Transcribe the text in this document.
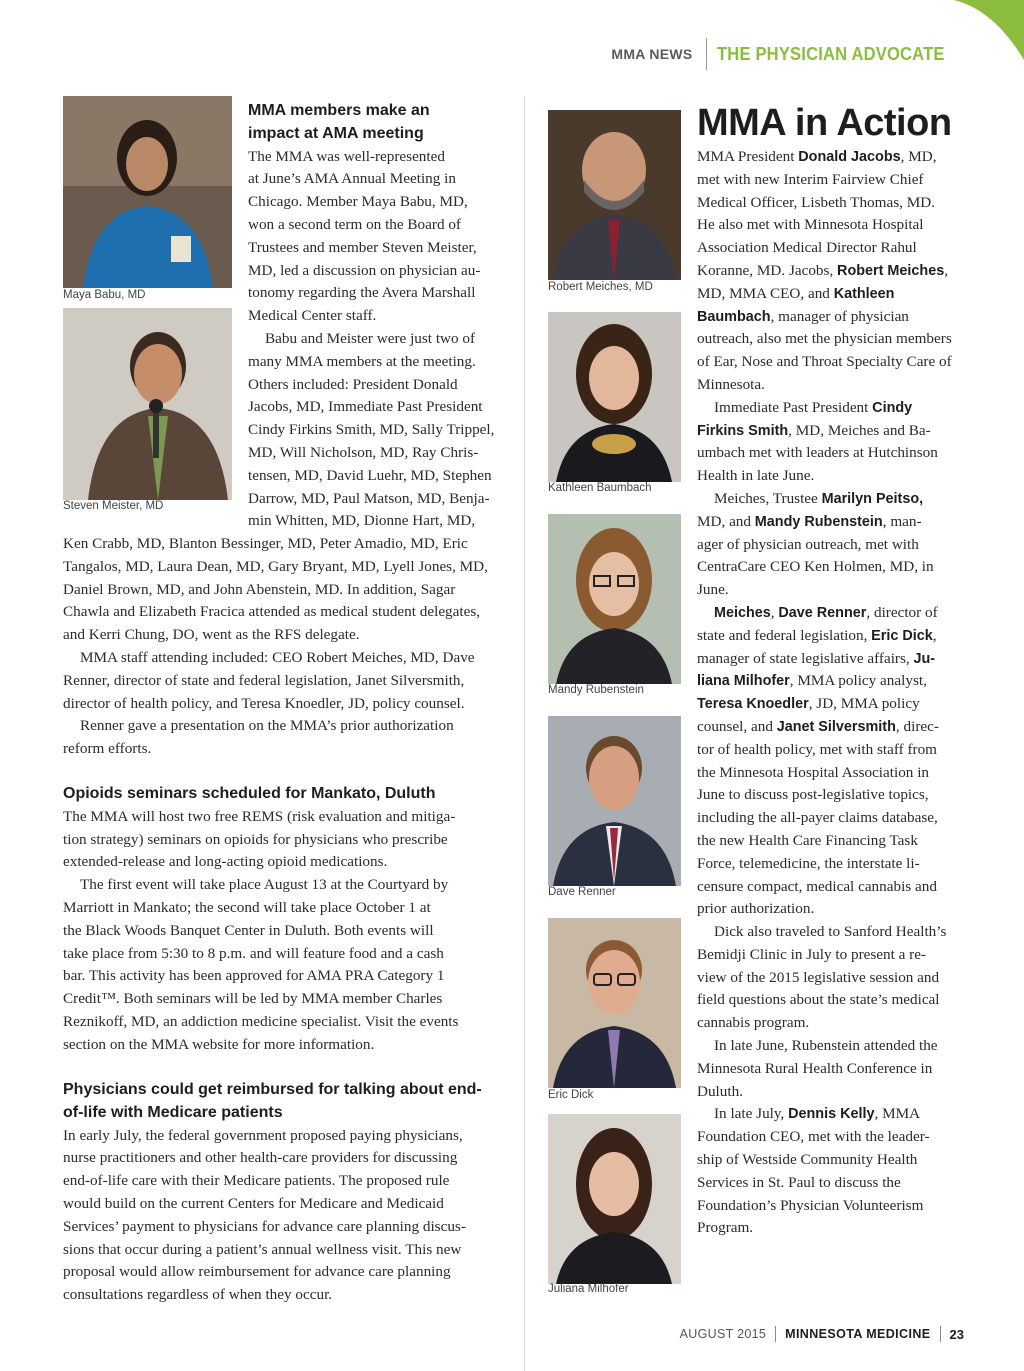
MMA NEWS THE PHYSICIAN ADVOCATE
Maya Babu, MD
Steven Meister, MD
MMA members make an
impact at AMA meeting
The MMA was well-represented
at June’s AMA Annual Meeting in
Chicago. Member Maya Babu, MD,
won a second term on the Board of
Trustees and member Steven Meister,
MD, led a discussion on physician au-
tonomy regarding the Avera Marshall
Medical Center staff.
Babu and Meister were just two of
many MMA members at the meeting.
Others included: President Donald
Jacobs, MD, Immediate Past President
Cindy Firkins Smith, MD, Sally Trippel,
MD, Will Nicholson, MD, Ray Chris-
tensen, MD, David Luehr, MD, Stephen
Darrow, MD, Paul Matson, MD, Benja-
min Whitten, MD, Dionne Hart, MD,
Ken Crabb, MD, Blanton Bessinger, MD, Peter Amadio, MD, Eric
Tangalos, MD, Laura Dean, MD, Gary Bryant, MD, Lyell Jones, MD,
Daniel Brown, MD, and John Abenstein, MD. In addition, Sagar
Chawla and Elizabeth Fracica attended as medical student delegates,
and Kerri Chung, DO, went as the RFS delegate.
MMA staff attending included: CEO Robert Meiches, MD, Dave
Renner, director of state and federal legislation, Janet Silversmith,
director of health policy, and Teresa Knoedler, JD, policy counsel.
Renner gave a presentation on the MMA’s prior authorization
reform efforts.
Opioids seminars scheduled for Mankato, Duluth
The MMA will host two free REMS (risk evaluation and mitiga-
tion strategy) seminars on opioids for physicians who prescribe
extended-release and long-acting opioid medications.
The first event will take place August 13 at the Courtyard by
Marriott in Mankato; the second will take place October 1 at
the Black Woods Banquet Center in Duluth. Both events will
take place from 5:30 to 8 p.m. and will feature food and a cash
bar. This activity has been approved for AMA PRA Category 1
Credit™. Both seminars will be led by MMA member Charles
Reznikoff, MD, an addiction medicine specialist. Visit the events
section on the MMA website for more information.
Physicians could get reimbursed for talking about end-
of-life with Medicare patients
In early July, the federal government proposed paying physicians,
nurse practitioners and other health-care providers for discussing
end-of-life care with their Medicare patients. The proposed rule
would build on the current Centers for Medicare and Medicaid
Services’ payment to physicians for advance care planning discus-
sions that occur during a patient’s annual wellness visit. This new
proposal would allow reimbursement for advance care planning
consultations regardless of when they occur.
Robert Meiches, MD
Kathleen Baumbach
Mandy Rubenstein
Dave Renner
Eric Dick
Juliana Milhofer
MMA in Action
MMA President Donald Jacobs, MD,
met with new Interim Fairview Chief
Medical Officer, Lisbeth Thomas, MD.
He also met with Minnesota Hospital
Association Medical Director Rahul
Koranne, MD. Jacobs, Robert Meiches,
MD, MMA CEO, and Kathleen
Baumbach, manager of physician
outreach, also met the physician members
of Ear, Nose and Throat Specialty Care of
Minnesota.
Immediate Past President Cindy
Firkins Smith, MD, Meiches and Ba-
umbach met with leaders at Hutchinson
Health in late June.
Meiches, Trustee Marilyn Peitso,
MD, and Mandy Rubenstein, man-
ager of physician outreach, met with
CentraCare CEO Ken Holmen, MD, in
June.
Meiches, Dave Renner, director of
state and federal legislation, Eric Dick,
manager of state legislative affairs, Ju-
liana Milhofer, MMA policy analyst,
Teresa Knoedler, JD, MMA policy
counsel, and Janet Silversmith, direc-
tor of health policy, met with staff from
the Minnesota Hospital Association in
June to discuss post-legislative topics,
including the all-payer claims database,
the new Health Care Financing Task
Force, telemedicine, the interstate li-
censure compact, medical cannabis and
prior authorization.
Dick also traveled to Sanford Health’s
Bemidji Clinic in July to present a re-
view of the 2015 legislative session and
field questions about the state’s medical
cannabis program.
In late June, Rubenstein attended the
Minnesota Rural Health Conference in
Duluth.
In late July, Dennis Kelly, MMA
Foundation CEO, met with the leader-
ship of Westside Community Health
Services in St. Paul to discuss the
Foundation’s Physician Volunteerism
Program.
AUGUST 2015 MINNESOTA MEDICINE 23
